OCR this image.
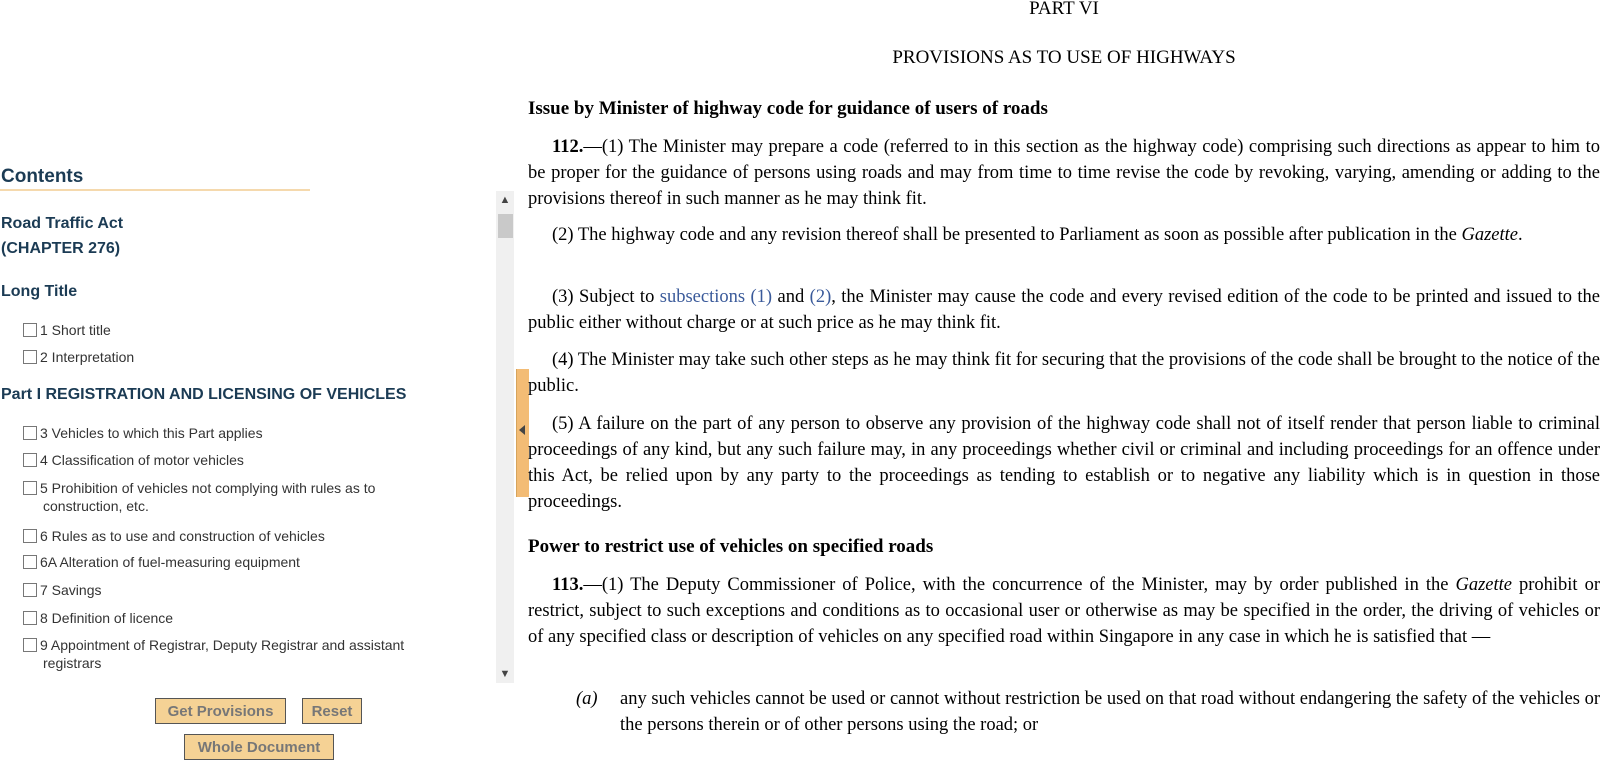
Contents
Road Traffic Act
(CHAPTER 276)
Long Title
1 Short title
2 Interpretation
Part I REGISTRATION AND LICENSING OF VEHICLES
3 Vehicles to which this Part applies
4 Classification of motor vehicles
5 Prohibition of vehicles not complying with rules as to
construction, etc.
6 Rules as to use and construction of vehicles
6A Alteration of fuel-measuring equipment
7 Savings
8 Definition of licence
9 Appointment of Registrar, Deputy Registrar and assistant
registrars
Get Provisions	Reset
Whole Document
▲
▼
PART VI
PROVISIONS AS TO USE OF HIGHWAYS
Issue by Minister of highway code for guidance of users of roads
112.—(1) The Minister may prepare a code (referred to in this section as the highway code) comprising such directions as appear to him to be proper for the guidance of persons using roads and may from time to time revise the code by revoking, varying, amending or adding to the provisions thereof in such manner as he may think fit.
(2) The highway code and any revision thereof shall be presented to Parliament as soon as possible after publication in the Gazette.
(3) Subject to subsections (1) and (2), the Minister may cause the code and every revised edition of the code to be printed and issued to the public either without charge or at such price as he may think fit.
(4) The Minister may take such other steps as he may think fit for securing that the provisions of the code shall be brought to the notice of the public.
(5) A failure on the part of any person to observe any provision of the highway code shall not of itself render that person liable to criminal proceedings of any kind, but any such failure may, in any proceedings whether civil or criminal and including proceedings for an offence under this Act, be relied upon by any party to the proceedings as tending to establish or to negative any liability which is in question in those proceedings.
Power to restrict use of vehicles on specified roads
113.—(1) The Deputy Commissioner of Police, with the concurrence of the Minister, may by order published in the Gazette prohibit or restrict, subject to such exceptions and conditions as to occasional user or otherwise as may be specified in the order, the driving of vehicles or of any specified class or description of vehicles on any specified road within Singapore in any case in which he is satisfied that —
(a)	any such vehicles cannot be used or cannot without restriction be used on that road without endangering the safety of the vehicles or the persons therein or of other persons using the road; or
